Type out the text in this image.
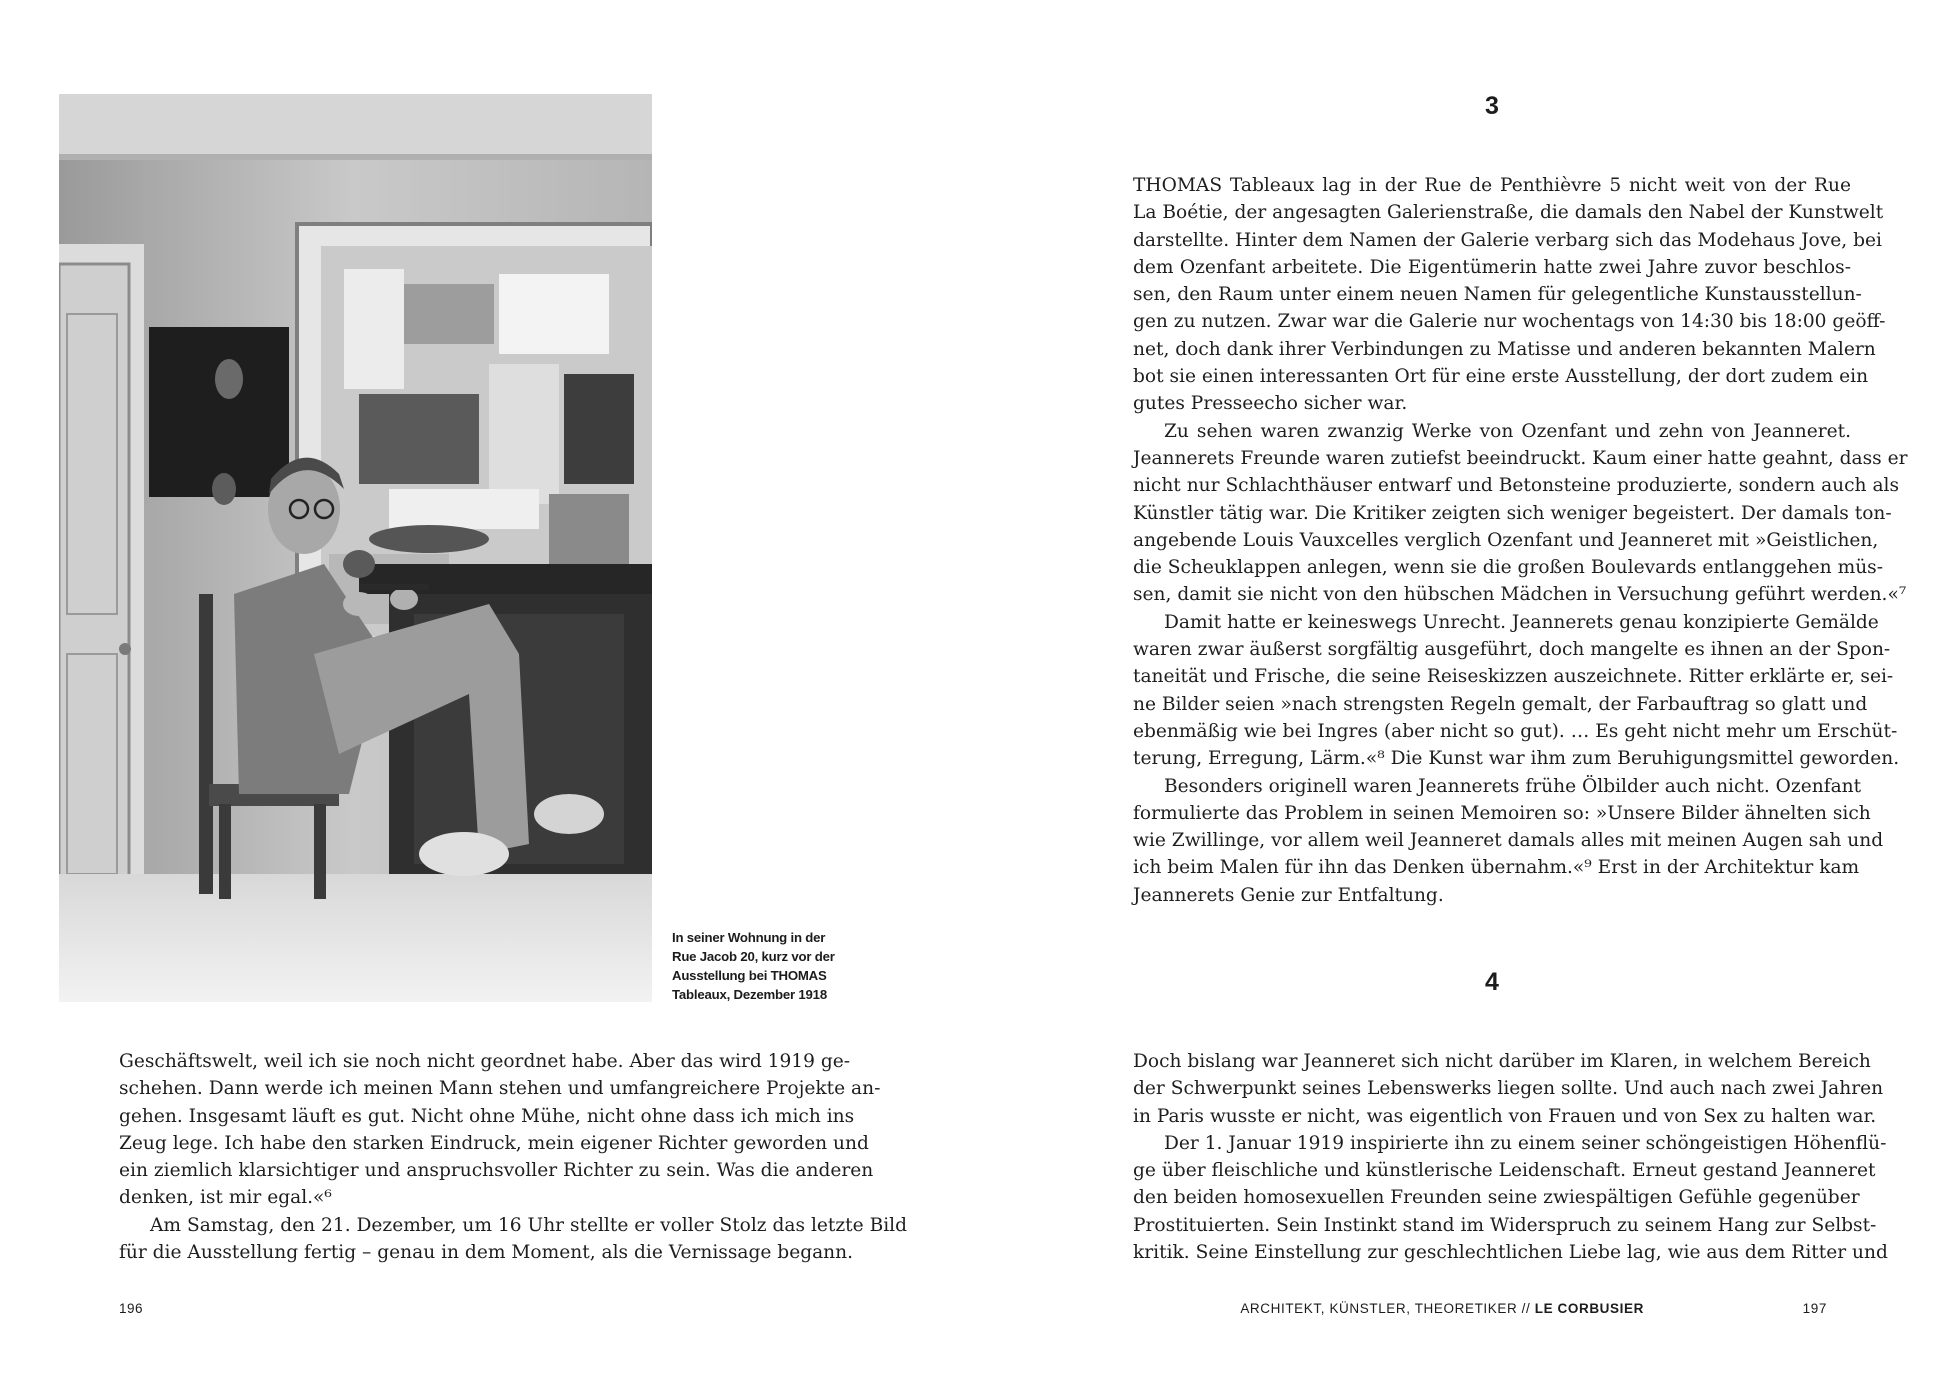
In seiner Wohnung in der
Rue Jacob 20, kurz vor der
Ausstellung bei THOMAS
Tableaux, Dezember 1918
Geschäftswelt, weil ich sie noch nicht geordnet habe. Aber das wird 1919 ge-
schehen. Dann werde ich meinen Mann stehen und umfangreichere Projekte an-
gehen. Insgesamt läuft es gut. Nicht ohne Mühe, nicht ohne dass ich mich ins
Zeug lege. Ich habe den starken Eindruck, mein eigener Richter geworden und
ein ziemlich klarsichtiger und anspruchsvoller Richter zu sein. Was die anderen
denken, ist mir egal.«⁶
Am Samstag, den 21. Dezember, um 16 Uhr stellte er voller Stolz das letzte Bild
für die Ausstellung fertig – genau in dem Moment, als die Vernissage begann.
196
3
THOMAS Tableaux lag in der Rue de Penthièvre 5 nicht weit von der Rue
La Boétie, der angesagten Galerienstraße, die damals den Nabel der Kunstwelt
darstellte. Hinter dem Namen der Galerie verbarg sich das Modehaus Jove, bei
dem Ozenfant arbeitete. Die Eigentümerin hatte zwei Jahre zuvor beschlos-
sen, den Raum unter einem neuen Namen für gelegentliche Kunstausstellun-
gen zu nutzen. Zwar war die Galerie nur wochentags von 14:30 bis 18:00 geöff-
net, doch dank ihrer Verbindungen zu Matisse und anderen bekannten Malern
bot sie einen interessanten Ort für eine erste Ausstellung, der dort zudem ein
gutes Presseecho sicher war.
Zu sehen waren zwanzig Werke von Ozenfant und zehn von Jeanneret.
Jeannerets Freunde waren zutiefst beeindruckt. Kaum einer hatte geahnt, dass er
nicht nur Schlachthäuser entwarf und Betonsteine produzierte, sondern auch als
Künstler tätig war. Die Kritiker zeigten sich weniger begeistert. Der damals ton-
angebende Louis Vauxcelles verglich Ozenfant und Jeanneret mit »Geistlichen,
die Scheuklappen anlegen, wenn sie die großen Boulevards entlanggehen müs-
sen, damit sie nicht von den hübschen Mädchen in Versuchung geführt werden.«⁷
Damit hatte er keineswegs Unrecht. Jeannerets genau konzipierte Gemälde
waren zwar äußerst sorgfältig ausgeführt, doch mangelte es ihnen an der Spon-
taneität und Frische, die seine Reiseskizzen auszeichnete. Ritter erklärte er, sei-
ne Bilder seien »nach strengsten Regeln gemalt, der Farbauftrag so glatt und
ebenmäßig wie bei Ingres (aber nicht so gut). … Es geht nicht mehr um Erschüt-
terung, Erregung, Lärm.«⁸ Die Kunst war ihm zum Beruhigungsmittel geworden.
Besonders originell waren Jeannerets frühe Ölbilder auch nicht. Ozenfant
formulierte das Problem in seinen Memoiren so: »Unsere Bilder ähnelten sich
wie Zwillinge, vor allem weil Jeanneret damals alles mit meinen Augen sah und
ich beim Malen für ihn das Denken übernahm.«⁹ Erst in der Architektur kam
Jeannerets Genie zur Entfaltung.
4
Doch bislang war Jeanneret sich nicht darüber im Klaren, in welchem Bereich
der Schwerpunkt seines Lebenswerks liegen sollte. Und auch nach zwei Jahren
in Paris wusste er nicht, was eigentlich von Frauen und von Sex zu halten war.
Der 1. Januar 1919 inspirierte ihn zu einem seiner schöngeistigen Höhenflü-
ge über fleischliche und künstlerische Leidenschaft. Erneut gestand Jeanneret
den beiden homosexuellen Freunden seine zwiespältigen Gefühle gegenüber
Prostituierten. Sein Instinkt stand im Widerspruch zu seinem Hang zur Selbst-
kritik. Seine Einstellung zur geschlechtlichen Liebe lag, wie aus dem Ritter und
ARCHITEKT, KÜNSTLER, THEORETIKER // LE CORBUSIER	197
